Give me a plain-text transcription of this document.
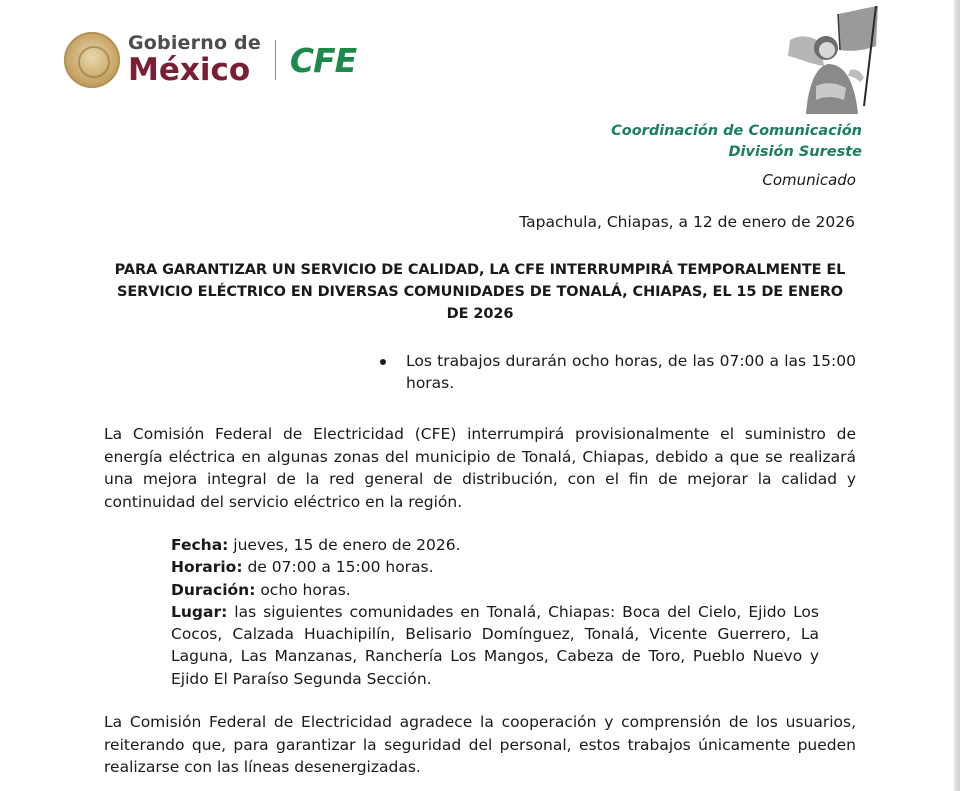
Gobierno de
México	CFE
Coordinación de Comunicación
División Sureste
Comunicado
Tapachula, Chiapas, a 12 de enero de 2026
PARA GARANTIZAR UN SERVICIO DE CALIDAD, LA CFE INTERRUMPIRÁ TEMPORALMENTE EL SERVICIO ELÉCTRICO EN DIVERSAS COMUNIDADES DE TONALÁ, CHIAPAS, EL 15 DE ENERO DE 2026
Los trabajos durarán ocho horas, de las 07:00 a las 15:00 horas.
La Comisión Federal de Electricidad (CFE) interrumpirá provisionalmente el suministro de energía eléctrica en algunas zonas del municipio de Tonalá, Chiapas, debido a que se realizará una mejora integral de la red general de distribución, con el fin de mejorar la calidad y continuidad del servicio eléctrico en la región.
Fecha: jueves, 15 de enero de 2026.
Horario: de 07:00 a 15:00 horas.
Duración: ocho horas.
Lugar: las siguientes comunidades en Tonalá, Chiapas: Boca del Cielo, Ejido Los Cocos, Calzada Huachipilín, Belisario Domínguez, Tonalá, Vicente Guerrero, La Laguna, Las Manzanas, Ranchería Los Mangos, Cabeza de Toro, Pueblo Nuevo y Ejido El Paraíso Segunda Sección.
La Comisión Federal de Electricidad agradece la cooperación y comprensión de los usuarios, reiterando que, para garantizar la seguridad del personal, estos trabajos únicamente pueden realizarse con las líneas desenergizadas.
